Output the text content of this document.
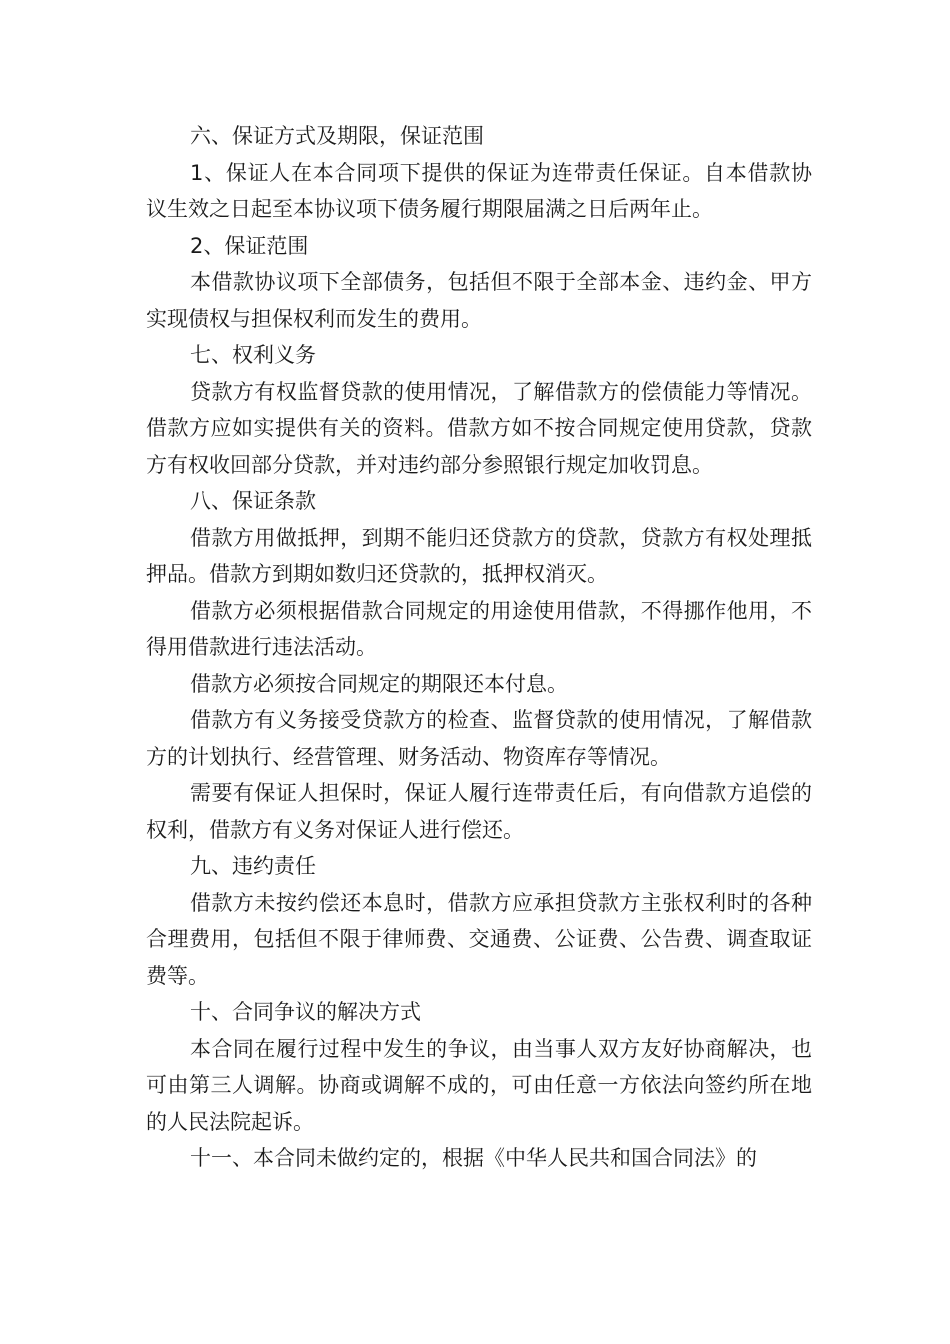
六、保证方式及期限，保证范围

1、保证人在本合同项下提供的保证为连带责任保证。自本借款协议生效之日起至本协议项下债务履行期限届满之日后两年止。

2、保证范围

本借款协议项下全部债务，包括但不限于全部本金、违约金、甲方实现债权与担保权利而发生的费用。

七、权利义务

贷款方有权监督贷款的使用情况，了解借款方的偿债能力等情况。借款方应如实提供有关的资料。借款方如不按合同规定使用贷款，贷款方有权收回部分贷款，并对违约部分参照银行规定加收罚息。

八、保证条款

借款方用做抵押，到期不能归还贷款方的贷款，贷款方有权处理抵押品。借款方到期如数归还贷款的，抵押权消灭。

借款方必须根据借款合同规定的用途使用借款，不得挪作他用，不得用借款进行违法活动。

借款方必须按合同规定的期限还本付息。

借款方有义务接受贷款方的检查、监督贷款的使用情况，了解借款方的计划执行、经营管理、财务活动、物资库存等情况。

需要有保证人担保时，保证人履行连带责任后，有向借款方追偿的权利，借款方有义务对保证人进行偿还。

九、违约责任

借款方未按约偿还本息时，借款方应承担贷款方主张权利时的各种合理费用，包括但不限于律师费、交通费、公证费、公告费、调查取证费等。

十、合同争议的解决方式

本合同在履行过程中发生的争议，由当事人双方友好协商解决，也可由第三人调解。协商或调解不成的，可由任意一方依法向签约所在地的人民法院起诉。

十一、本合同未做约定的，根据《中华人民共和国合同法》的
